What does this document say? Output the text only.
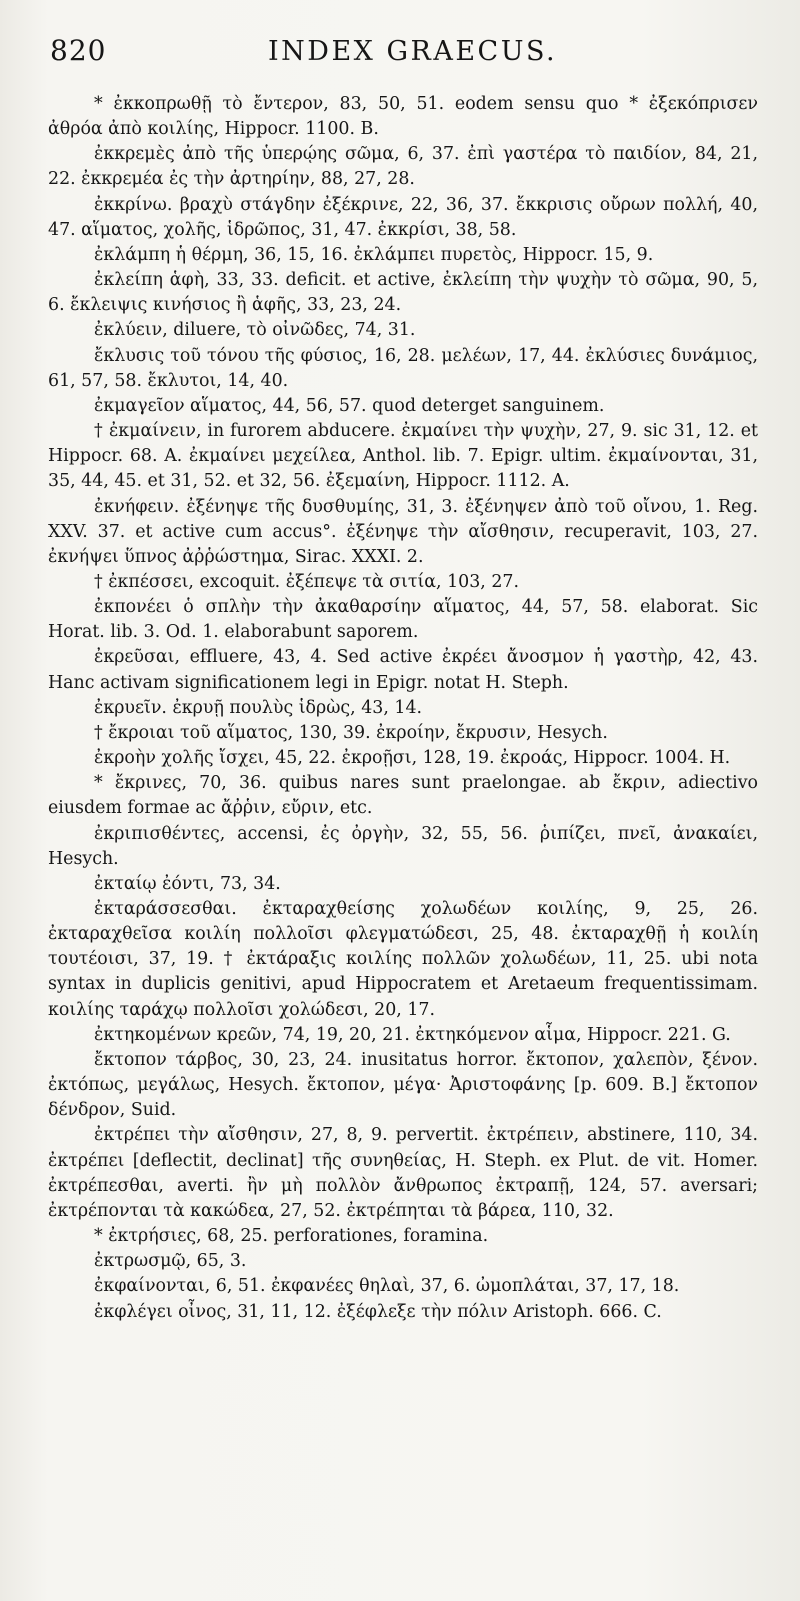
820	INDEX GRAECUS.

* ἐκκοπρωθῇ τὸ ἔντερον, 83, 50, 51. eodem sensu quo * ἐξεκόπρισεν ἀθρόα ἀπὸ κοιλίης, Hippocr. 1100. B.

ἐκκρεμὲς ἀπὸ τῆς ὑπερῴης σῶμα, 6, 37. ἐπὶ γαστέρα τὸ παιδίον, 84, 21, 22. ἐκκρεμέα ἐς τὴν ἀρτηρίην, 88, 27, 28.

ἐκκρίνω. βραχὺ στάγδην ἐξέκρινε, 22, 36, 37. ἔκκρισις οὔρων πολλή, 40, 47. αἵματος, χολῆς, ἱδρῶπος, 31, 47. ἐκκρίσι, 38, 58.

ἐκλάμπη ἡ θέρμη, 36, 15, 16. ἐκλάμπει πυρετὸς, Hippocr. 15, 9.

ἐκλείπη ἁφὴ, 33, 33. deficit. et active, ἐκλείπη τὴν ψυχὴν τὸ σῶμα, 90, 5, 6. ἔκλειψις κινήσιος ἢ ἁφῆς, 33, 23, 24.

ἐκλύειν, diluere, τὸ οἰνῶδες, 74, 31.

ἔκλυσις τοῦ τόνου τῆς φύσιος, 16, 28. μελέων, 17, 44. ἐκλύσιες δυνάμιος, 61, 57, 58. ἔκλυτοι, 14, 40.

ἐκμαγεῖον αἵματος, 44, 56, 57. quod deterget sanguinem.

† ἐκμαίνειν, in furorem abducere. ἐκμαίνει τὴν ψυχὴν, 27, 9. sic 31, 12. et Hippocr. 68. A. ἐκμαίνει μεχείλεα, Anthol. lib. 7. Epigr. ultim. ἐκμαίνονται, 31, 35, 44, 45. et 31, 52. et 32, 56. ἐξεμαίνη, Hippocr. 1112. A.

ἐκνήφειν. ἐξένηψε τῆς δυσθυμίης, 31, 3. ἐξένηψεν ἀπὸ τοῦ οἴνου, 1. Reg. XXV. 37. et active cum accus°. ἐξένηψε τὴν αἴσθησιν, recuperavit, 103, 27. ἐκνήψει ὕπνος ἀῤῥώστημα, Sirac. XXXI. 2.

† ἐκπέσσει, excoquit. ἐξέπεψε τὰ σιτία, 103, 27.

ἐκπονέει ὁ σπλὴν τὴν ἀκαθαρσίην αἵματος, 44, 57, 58. elaborat. Sic Horat. lib. 3. Od. 1. elaborabunt saporem.

ἐκρεῦσαι, effluere, 43, 4. Sed active ἐκρέει ἄνοσμον ἡ γαστὴρ, 42, 43. Hanc activam significationem legi in Epigr. notat H. Steph.

ἐκρυεῖν. ἐκρυῇ πουλὺς ἱδρὼς, 43, 14.

† ἔκροιαι τοῦ αἵματος, 130, 39. ἐκροίην, ἔκρυσιν, Hesych.

ἐκροὴν χολῆς ἴσχει, 45, 22. ἐκροῇσι, 128, 19. ἐκροάς, Hippocr. 1004. H.

* ἔκρινες, 70, 36. quibus nares sunt praelongae. ab ἔκριν, adiectivo eiusdem formae ac ἄῤῥιν, εὔριν, etc.

ἐκριπισθέντες, accensi, ἐς ὀργὴν, 32, 55, 56. ῥιπίζει, πνεῖ, ἀνακαίει, Hesych.

ἐκταίῳ ἐόντι, 73, 34.

ἐκταράσσεσθαι. ἐκταραχθείσης χολωδέων κοιλίης, 9, 25, 26. ἐκταραχθεῖσα κοιλίη πολλοῖσι φλεγματώδεσι, 25, 48. ἐκταραχθῇ ἡ κοιλίη τουτέοισι, 37, 19. † ἐκτάραξις κοιλίης πολλῶν χολωδέων, 11, 25. ubi nota syntax in duplicis genitivi, apud Hippocratem et Aretaeum frequentissimam. κοιλίης ταράχῳ πολλοῖσι χολώδεσι, 20, 17.

ἐκτηκομένων κρεῶν, 74, 19, 20, 21. ἐκτηκόμενον αἷμα, Hippocr. 221. G.

ἔκτοπον τάρβος, 30, 23, 24. inusitatus horror. ἔκτοπον, χαλεπὸν, ξένον. ἐκτόπως, μεγάλως, Hesych. ἔκτοπον, μέγα· Ἀριστοφάνης [p. 609. B.] ἔκτοπον δένδρον, Suid.

ἐκτρέπει τὴν αἴσθησιν, 27, 8, 9. pervertit. ἐκτρέπειν, abstinere, 110, 34. ἐκτρέπει [deflectit, declinat] τῆς συνηθείας, H. Steph. ex Plut. de vit. Homer. ἐκτρέπεσθαι, averti. ἢν μὴ πολλὸν ἄνθρωπος ἐκτραπῇ, 124, 57. aversari; ἐκτρέπονται τὰ κακώδεα, 27, 52. ἐκτρέπηται τὰ βάρεα, 110, 32.

* ἐκτρήσιες, 68, 25. perforationes, foramina.

ἐκτρωσμῷ, 65, 3.

ἐκφαίνονται, 6, 51. ἐκφανέες θηλαὶ, 37, 6. ὠμοπλάται, 37, 17, 18.

ἐκφλέγει οἶνος, 31, 11, 12. ἐξέφλεξε τὴν πόλιν Aristoph. 666. C.
